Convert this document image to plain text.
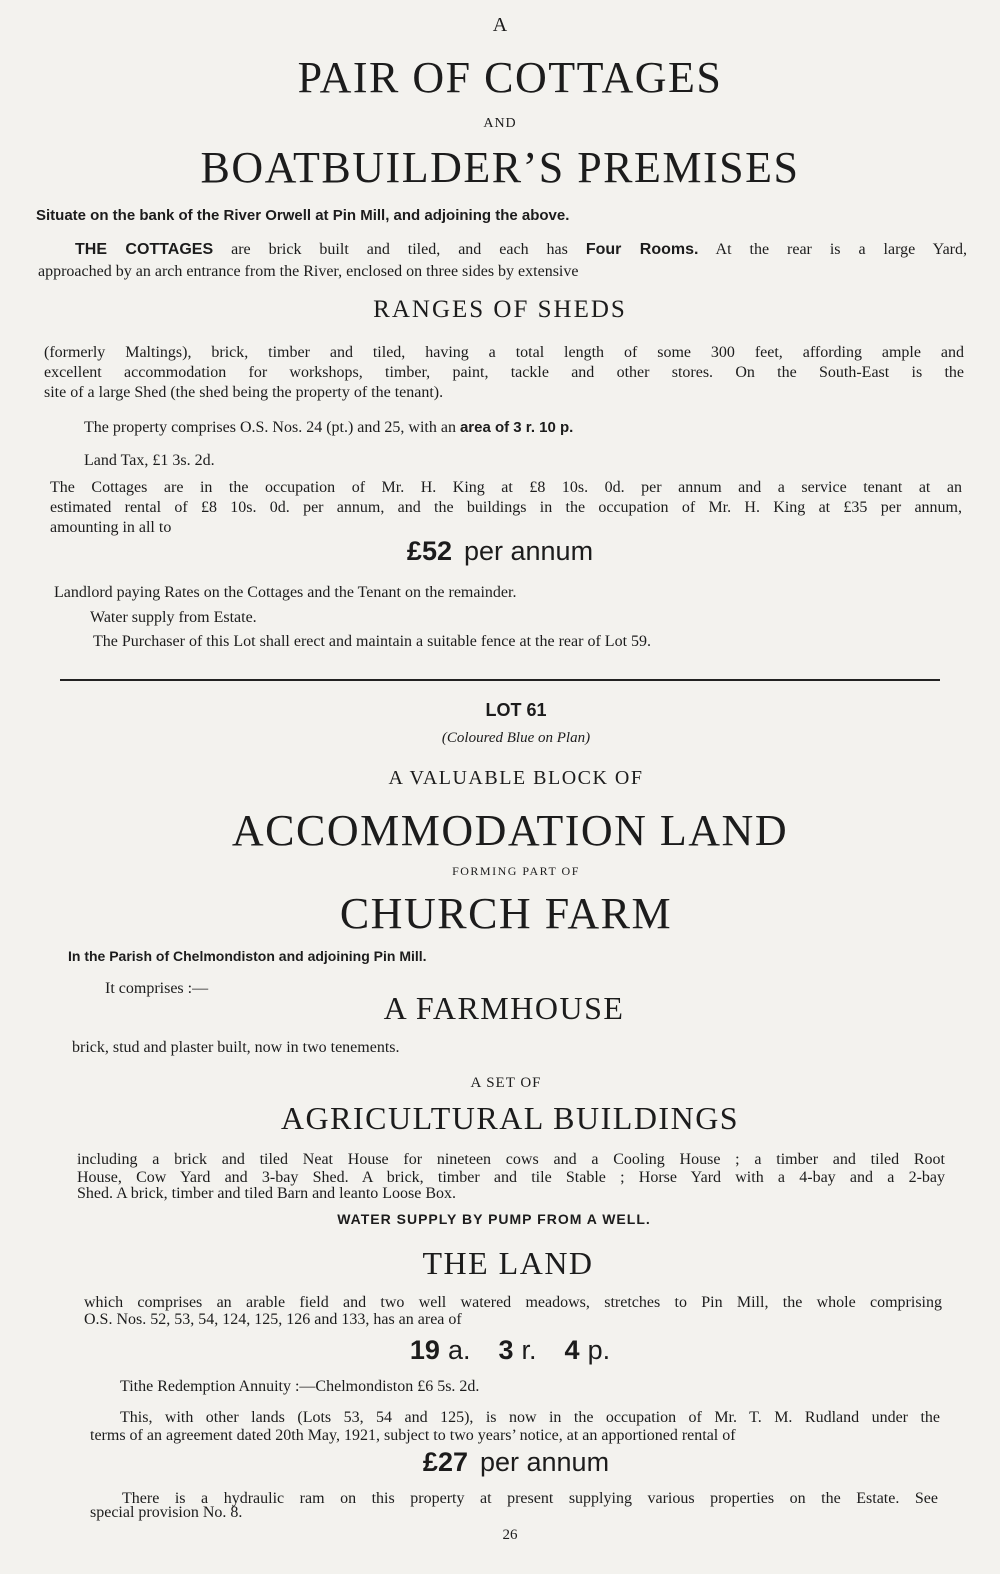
A
PAIR OF COTTAGES
AND
BOATBUILDER’S PREMISES
Situate on the bank of the River Orwell at Pin Mill, and adjoining the above.
THE COTTAGES are brick built and tiled, and each has Four Rooms. At the rear is a large Yard,
approached by an arch entrance from the River, enclosed on three sides by extensive
RANGES OF SHEDS
(formerly Maltings), brick, timber and tiled, having a total length of some 300 feet, affording ample and
excellent accommodation for workshops, timber, paint, tackle and other stores. On the South-East is the
site of a large Shed (the shed being the property of the tenant).
The property comprises O.S. Nos. 24 (pt.) and 25, with an area of 3 r. 10 p.
Land Tax, £1 3s. 2d.
The Cottages are in the occupation of Mr. H. King at £8 10s. 0d. per annum and a service tenant at an
estimated rental of £8 10s. 0d. per annum, and the buildings in the occupation of Mr. H. King at £35 per annum,
amounting in all to
£52 per annum
Landlord paying Rates on the Cottages and the Tenant on the remainder.
Water supply from Estate.
The Purchaser of this Lot shall erect and maintain a suitable fence at the rear of Lot 59.
LOT 61
(Coloured Blue on Plan)
A VALUABLE BLOCK OF
ACCOMMODATION LAND
FORMING PART OF
CHURCH FARM
In the Parish of Chelmondiston and adjoining Pin Mill.
It comprises :—
A FARMHOUSE
brick, stud and plaster built, now in two tenements.
A SET OF
AGRICULTURAL BUILDINGS
including a brick and tiled Neat House for nineteen cows and a Cooling House ; a timber and tiled Root
House, Cow Yard and 3-bay Shed. A brick, timber and tile Stable ; Horse Yard with a 4-bay and a 2-bay
Shed. A brick, timber and tiled Barn and leanto Loose Box.
WATER SUPPLY BY PUMP FROM A WELL.
THE LAND
which comprises an arable field and two well watered meadows, stretches to Pin Mill, the whole comprising
O.S. Nos. 52, 53, 54, 124, 125, 126 and 133, has an area of
19 a. 3 r. 4 p.
Tithe Redemption Annuity :—Chelmondiston £6 5s. 2d.
This, with other lands (Lots 53, 54 and 125), is now in the occupation of Mr. T. M. Rudland under the
terms of an agreement dated 20th May, 1921, subject to two years’ notice, at an apportioned rental of
£27 per annum
There is a hydraulic ram on this property at present supplying various properties on the Estate. See
special provision No. 8.
26
